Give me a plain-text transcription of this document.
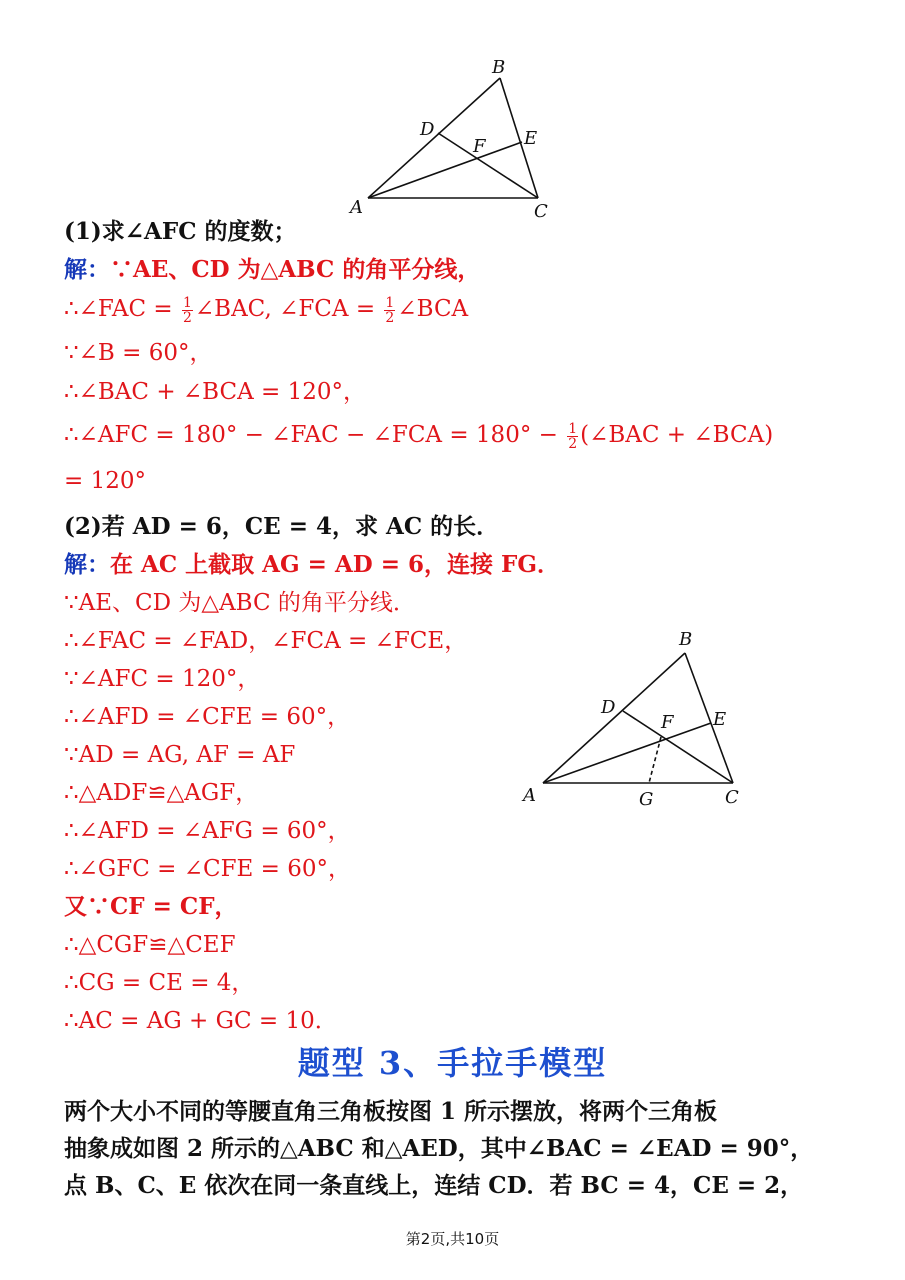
A
B
C
D	E
F
(1)求∠AFC 的度数；
解：∵AE、CD 为△ABC 的角平分线，
∴∠FAC = $\frac{1}{2}$ ∠BAC, ∠FCA = $\frac{1}{2}$ ∠BCA
∵∠B = 60°，
∴∠BAC + ∠BCA = 120°，
∴∠AFC = 180° − ∠FAC − ∠FCA = $180^\circ - \frac{1}{2}$ (∠BAC + ∠BCA)
= 120°
(2)若 AD = 6，CE = 4，求 AC 的长．
解：在 AC 上截取 AG = AD = 6，连接 FG．
∵AE、CD 为△ABC 的角平分线．
∴∠FAC = ∠FAD，∠FCA = ∠FCE，
∵∠AFC = 120°，
∴∠AFD = ∠CFE = 60°，
∵AD = AG, AF = AF
∴△ADF≌△AGF，
∴∠AFD = ∠AFG = 60°，
∴∠GFC = ∠CFE = 60°，
又∵CF = CF，
∴△CGF≌△CEF
∴CG = CE = 4，
∴AC = AG + GC = 10．
A
B
C
D
E
F
G
题型 3、手拉手模型
两个大小不同的等腰直角三角板按图 1 所示摆放，将两个三角板
抽象成如图 2 所示的△ABC 和△AED，其中∠BAC = ∠EAD = 90°，
点 B、C、E 依次在同一条直线上，连结 CD．若 BC = 4，CE = 2，
第2页,共10页
